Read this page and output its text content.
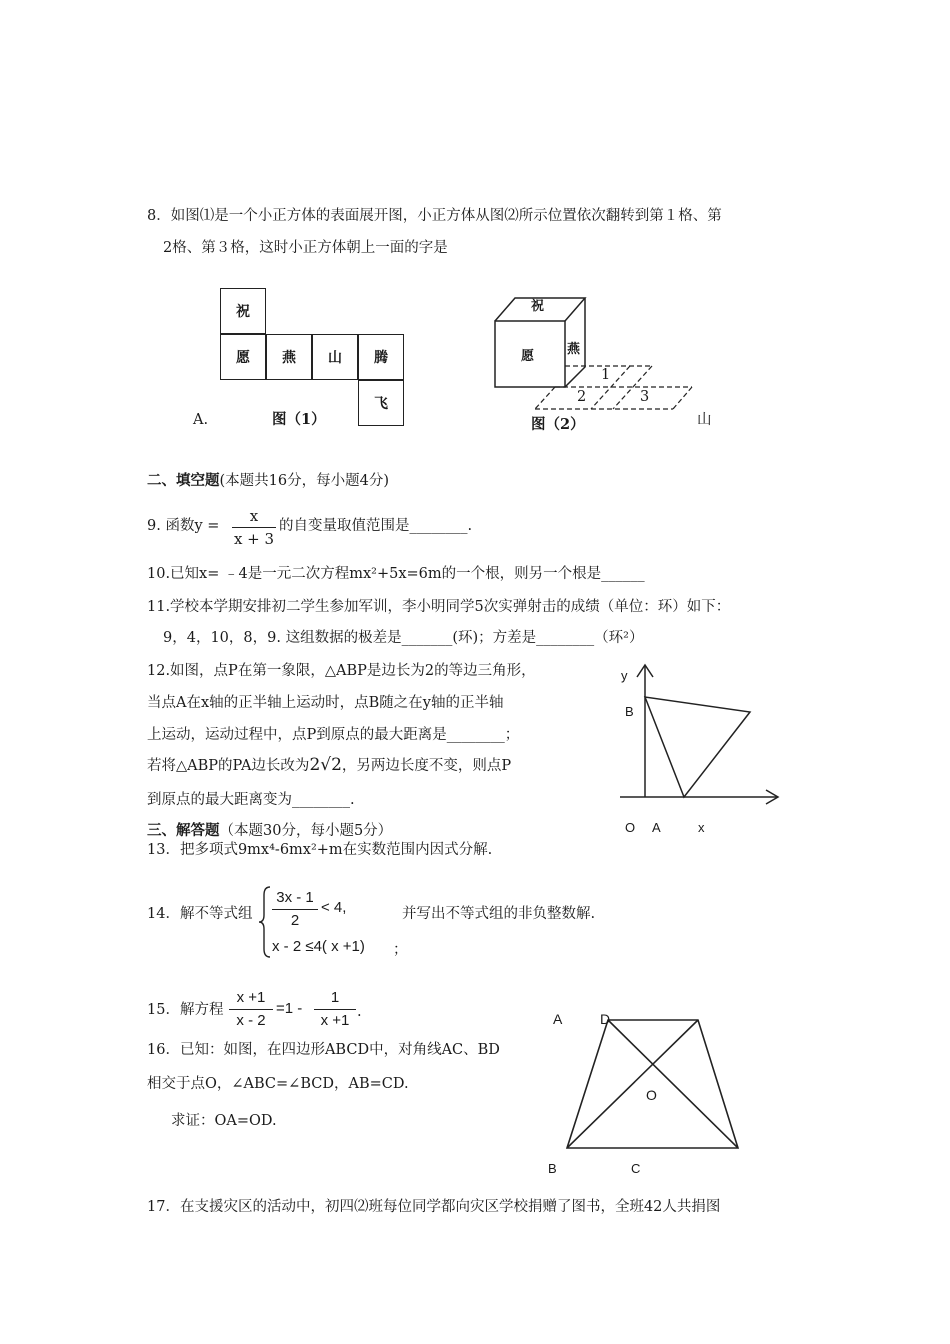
8．如图⑴是一个小正方体的表面展开图，小正方体从图⑵所示位置依次翻转到第１格、第
2格、第３格，这时小正方体朝上一面的字是
祝
愿	燕	山	腾
飞
A.	图（1）
祝
愿	燕
1
2	3
图（2）	山
二、填空题(本题共16分，每小题4分)
9. 函数y =
x
x + 3
的自变量取值范围是________.
10.已知x= ﹣4是一元二次方程mx²+5x=6m的一个根，则另一个根是______
11.学校本学期安排初二学生参加军训，李小明同学5次实弹射击的成绩（单位：环）如下：
9，4，10，8，9. 这组数据的极差是_______(环)；方差是________（环²）
12.如图，点P在第一象限，△ABP是边长为2的等边三角形，
当点A在x轴的正半轴上运动时，点B随之在y轴的正半轴
上运动，运动过程中，点P到原点的最大距离是________；
若将△ABP的PA边长改为2√2，另两边长度不变，则点P
到原点的最大距离变为________.
y
B
O A	x
三、解答题（本题30分，每小题5分）
13．把多项式9mx⁴-6mx²+m在实数范围内因式分解.
14．解不等式组
3x - 1
2
< 4,
x - 2 ≤4( x +1) ；
并写出不等式组的非负整数解.
15．解方程
x +1
x - 2
=1 -
1
x +1 .
16．已知：如图，在四边形ABCD中，对角线AC、BD
相交于点O，∠ABC=∠BCD，AB=CD.
求证：OA=OD.
A	D
O
B	C
17．在支援灾区的活动中，初四⑵班每位同学都向灾区学校捐赠了图书，全班42人共捐图
